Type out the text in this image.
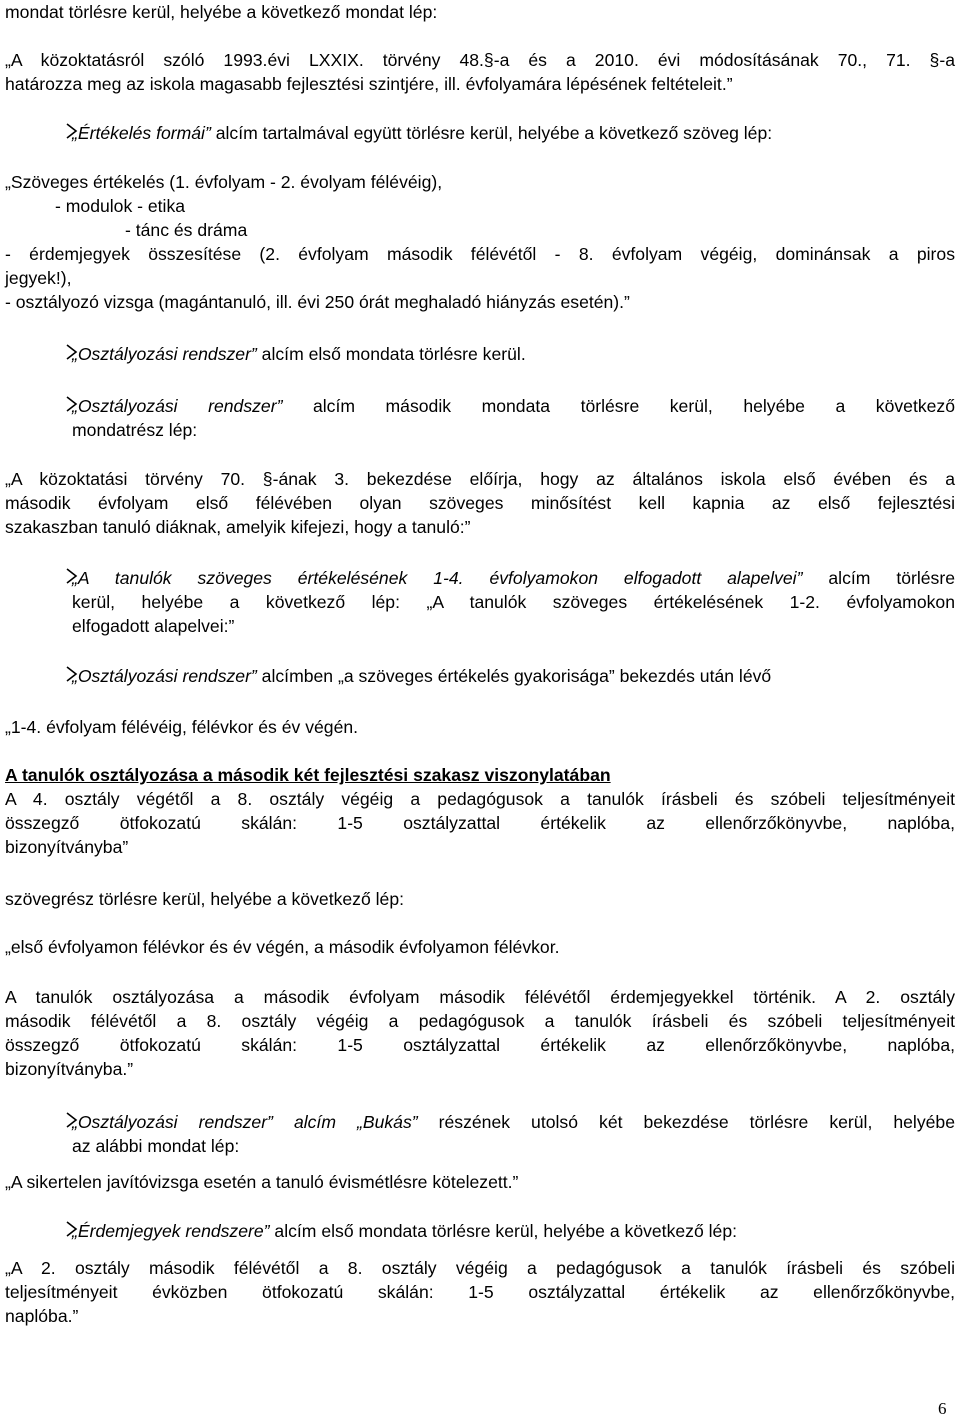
mondat törlésre kerül, helyébe a következő mondat lép:

„A közoktatásról szóló 1993.évi LXXIX. törvény 48.§-a és a 2010. évi módosításának 70., 71. §-a
határozza meg az iskola magasabb fejlesztési szintjére, ill. évfolyamára lépésének feltételeit.”

„Értékelés formái” alcím tartalmával együtt törlésre kerül, helyébe a következő szöveg lép:

„Szöveges értékelés (1. évfolyam - 2. évolyam félévéig),
- modulok - etika
- tánc és dráma
- érdemjegyek összesítése (2. évfolyam második félévétől - 8. évfolyam végéig, dominánsak a piros
jegyek!),
- osztályozó vizsga (magántanuló, ill. évi 250 órát meghaladó hiányzás esetén).”

„Osztályozási rendszer” alcím első mondata törlésre kerül.

„Osztályozási rendszer” alcím második mondata törlésre kerül, helyébe a következő
mondatrész lép:

„A közoktatási törvény 70. §-ának 3. bekezdése előírja, hogy az általános iskola első évében és a
második évfolyam első félévében olyan szöveges minősítést kell kapnia az első fejlesztési
szakaszban tanuló diáknak, amelyik kifejezi, hogy a tanuló:”

„A tanulók szöveges értékelésének 1-4. évfolyamokon elfogadott alapelvei” alcím törlésre
kerül, helyébe a következő lép: „A tanulók szöveges értékelésének 1-2. évfolyamokon
elfogadott alapelvei:”

„Osztályozási rendszer” alcímben „a szöveges értékelés gyakorisága” bekezdés után lévő

„1-4. évfolyam félévéig, félévkor és év végén.

A tanulók osztályozása a második két fejlesztési szakasz viszonylatában
A 4. osztály végétől a 8. osztály végéig a pedagógusok a tanulók írásbeli és szóbeli teljesítményeit
összegző ötfokozatú skálán: 1-5 osztályzattal értékelik az ellenőrzőkönyvbe, naplóba,
bizonyítványba”

szövegrész törlésre kerül, helyébe a következő lép:

„első évfolyamon félévkor és év végén, a második évfolyamon félévkor.

A tanulók osztályozása a második évfolyam második félévétől érdemjegyekkel történik. A 2. osztály
második félévétől a 8. osztály végéig a pedagógusok a tanulók írásbeli és szóbeli teljesítményeit
összegző ötfokozatú skálán: 1-5 osztályzattal értékelik az ellenőrzőkönyvbe, naplóba,
bizonyítványba.”

„Osztályozási rendszer” alcím „Bukás” részének utolsó két bekezdése törlésre kerül, helyébe
az alábbi mondat lép:

„A sikertelen javítóvizsga esetén a tanuló évismétlésre kötelezett.”

„Érdemjegyek rendszere” alcím első mondata törlésre kerül, helyébe a következő lép:

„A 2. osztály második félévétől a 8. osztály végéig a pedagógusok a tanulók írásbeli és szóbeli
teljesítményeit évközben ötfokozatú skálán: 1-5 osztályzattal értékelik az ellenőrzőkönyvbe,
naplóba.”

6
